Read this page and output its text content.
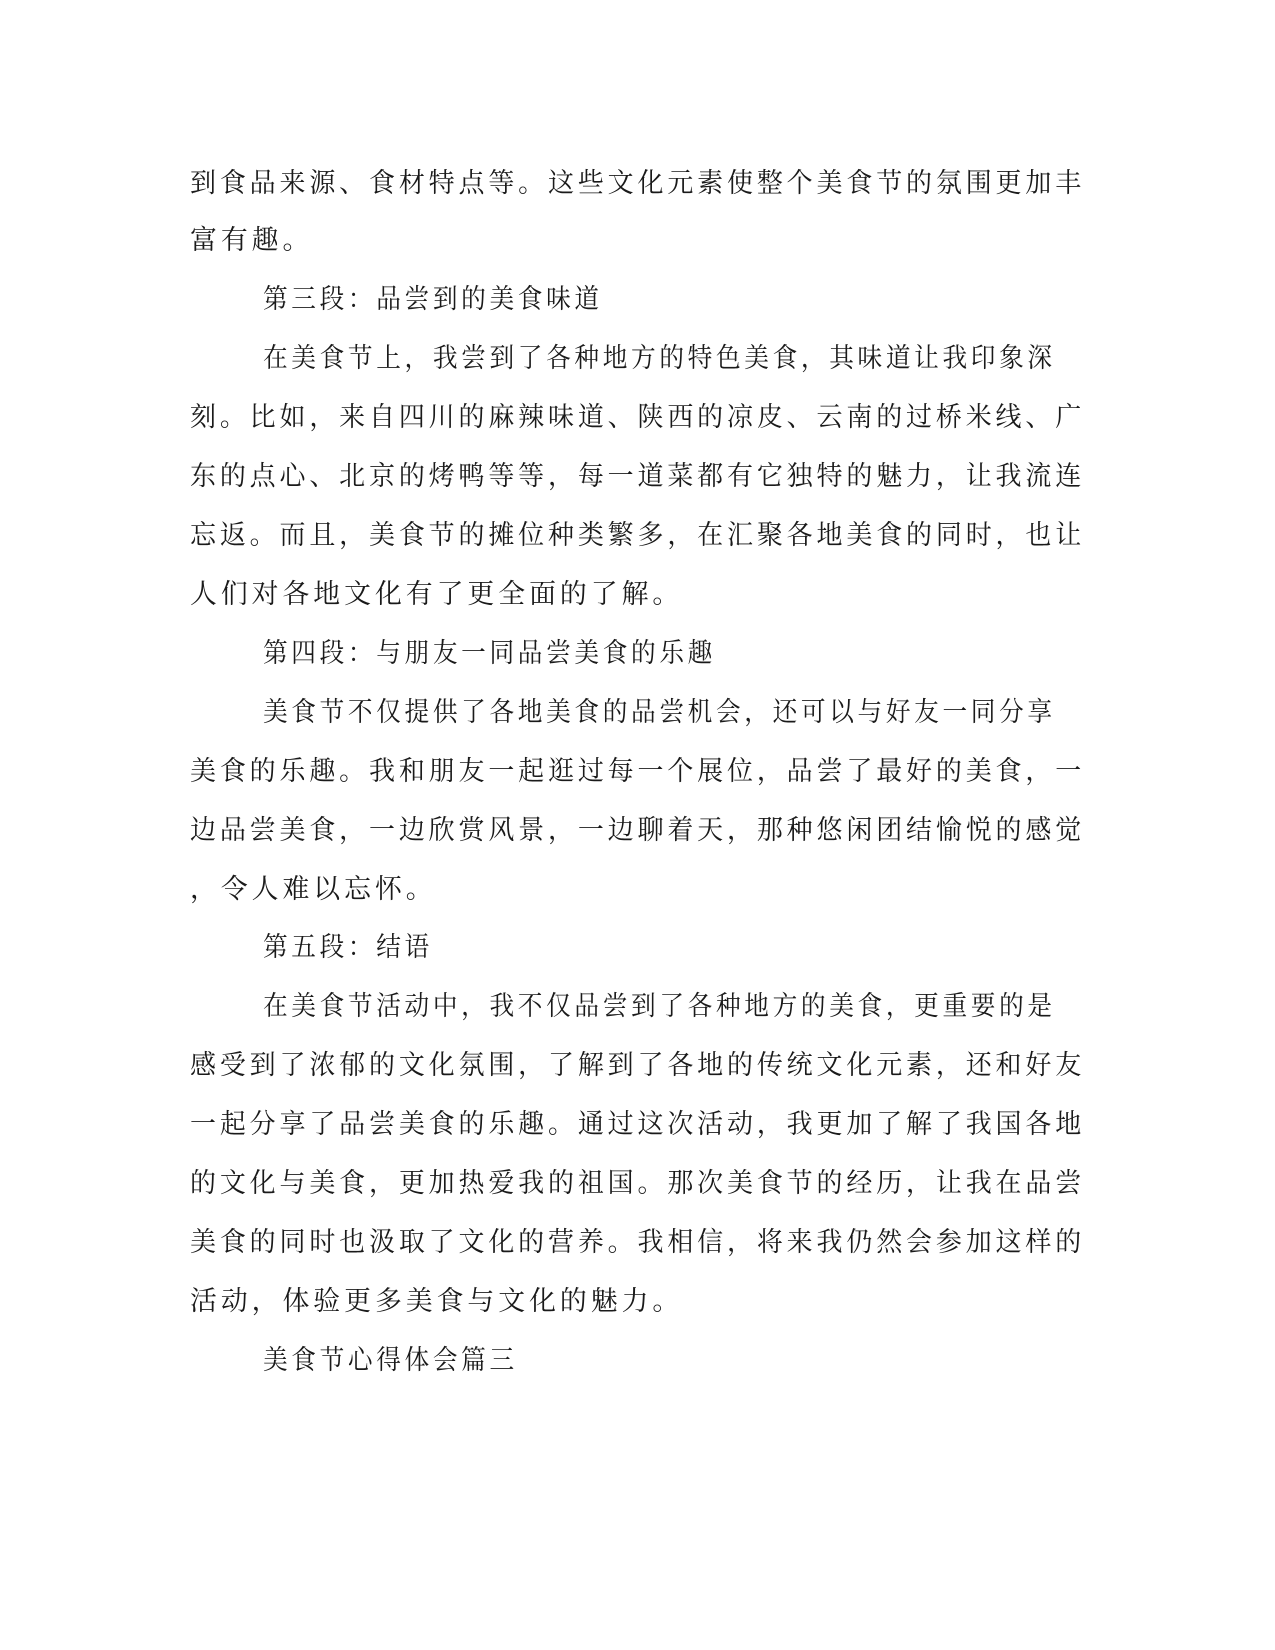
到食品来源、食材特点等。这些文化元素使整个美食节的氛围更加丰
富有趣。
第三段：品尝到的美食味道
在美食节上，我尝到了各种地方的特色美食，其味道让我印象深
刻。比如，来自四川的麻辣味道、陕西的凉皮、云南的过桥米线、广
东的点心、北京的烤鸭等等，每一道菜都有它独特的魅力，让我流连
忘返。而且，美食节的摊位种类繁多，在汇聚各地美食的同时，也让
人们对各地文化有了更全面的了解。
第四段：与朋友一同品尝美食的乐趣
美食节不仅提供了各地美食的品尝机会，还可以与好友一同分享
美食的乐趣。我和朋友一起逛过每一个展位，品尝了最好的美食，一
边品尝美食，一边欣赏风景，一边聊着天，那种悠闲团结愉悦的感觉
，令人难以忘怀。
第五段：结语
在美食节活动中，我不仅品尝到了各种地方的美食，更重要的是
感受到了浓郁的文化氛围，了解到了各地的传统文化元素，还和好友
一起分享了品尝美食的乐趣。通过这次活动，我更加了解了我国各地
的文化与美食，更加热爱我的祖国。那次美食节的经历，让我在品尝
美食的同时也汲取了文化的营养。我相信，将来我仍然会参加这样的
活动，体验更多美食与文化的魅力。
美食节心得体会篇三
